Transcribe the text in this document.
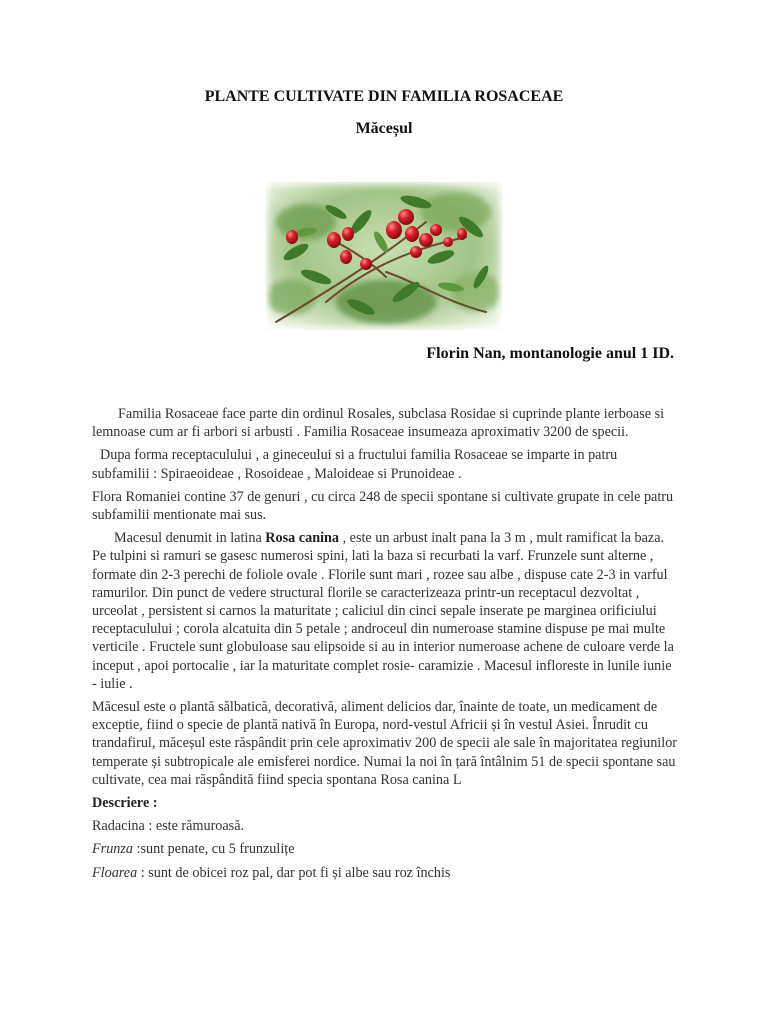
PLANTE CULTIVATE DIN FAMILIA ROSACEAE
Măceșul
Florin Nan, montanologie anul 1 ID.

Familia Rosaceae face parte din ordinul Rosales, subclasa Rosidae si cuprinde plante ierboase si lemnoase cum ar fi arbori si arbusti . Familia Rosaceae insumeaza aproximativ 3200 de specii.

Dupa forma receptaculului , a gineceului si a fructului familia Rosaceae se imparte in patru subfamilii : Spiraeoideae , Rosoideae , Maloideae si Prunoideae .

Flora Romaniei contine 37 de genuri , cu circa 248 de specii spontane si cultivate grupate in cele patru subfamilii mentionate mai sus.

Macesul denumit in latina Rosa canina , este un arbust inalt pana la 3 m , mult ramificat la baza. Pe tulpini si ramuri se gasesc numerosi spini, lati la baza si recurbati la varf. Frunzele sunt alterne , formate din 2-3 perechi de foliole ovale . Florile sunt mari , rozee sau albe , dispuse cate 2-3 in varful ramurilor. Din punct de vedere structural florile se caracterizeaza printr-un receptacul dezvoltat , urceolat , persistent si carnos la maturitate ; caliciul din cinci sepale inserate pe marginea orificiului receptaculului ; corola alcatuita din 5 petale ; androceul din numeroase stamine dispuse pe mai multe verticile . Fructele sunt globuloase sau elipsoide si au in interior numeroase achene de culoare verde la inceput , apoi portocalie , iar la maturitate complet rosie- caramizie . Macesul infloreste in lunile iunie - iulie .

Măcesul este o plantă sălbatică, decorativă, aliment delicios dar, înainte de toate, un medicament de exceptie, fiind o specie de plantă nativă în Europa, nord-vestul Africii și în vestul Asiei. Înrudit cu trandafirul, măceșul este răspândit prin cele aproximativ 200 de specii ale sale în majoritatea regiunilor temperate și subtropicale ale emisferei nordice. Numai la noi în țară întâlnim 51 de specii spontane sau cultivate, cea mai răspândită fiind specia spontana Rosa canina L

Descriere :

Radacina : este rămuroasă.

Frunza :sunt penate, cu 5 frunzulițe

Floarea : sunt de obicei roz pal, dar pot fi și albe sau roz închis
